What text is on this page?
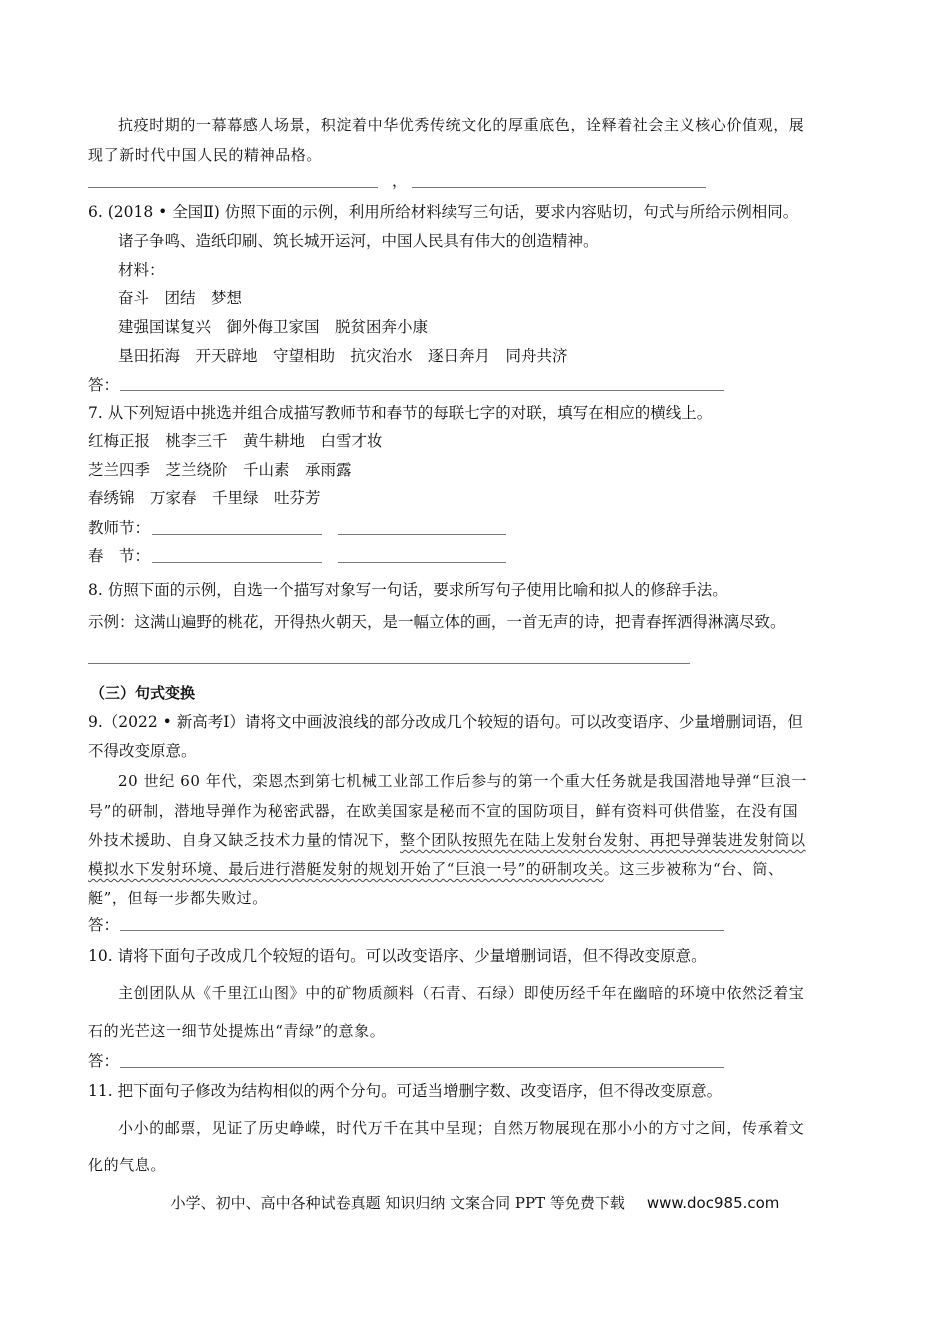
抗疫时期的一幕幕感人场景，积淀着中华优秀传统文化的厚重底色，诠释着社会主义核心价值观，展
现了新时代中国人民的精神品格。
，
6. (2018 • 全国Ⅱ) 仿照下面的示例，利用所给材料续写三句话，要求内容贴切，句式与所给示例相同。
诸子争鸣、造纸印刷、筑长城开运河，中国人民具有伟大的创造精神。
材料：
奋斗　团结　梦想
建强国谋复兴　御外侮卫家国　脱贫困奔小康
垦田拓海　开天辟地　守望相助　抗灾治水　逐日奔月　同舟共济
答：
7. 从下列短语中挑选并组合成描写教师节和春节的每联七字的对联，填写在相应的横线上。
红梅正报　桃李三千　黄牛耕地　白雪才妆
芝兰四季　芝兰绕阶　千山素　承雨露
春绣锦　万家春　千里绿　吐芬芳
教师节：
春　节：
8. 仿照下面的示例，自选一个描写对象写一句话，要求所写句子使用比喻和拟人的修辞手法。
示例：这满山遍野的桃花，开得热火朝天，是一幅立体的画，一首无声的诗，把青春挥洒得淋漓尽致。
（三）句式变换
9.（2022 • 新高考Ⅰ）请将文中画波浪线的部分改成几个较短的语句。可以改变语序、少量增删词语，但
不得改变原意。
20 世纪 60 年代，栾恩杰到第七机械工业部工作后参与的第一个重大任务就是我国潜地导弹“巨浪一
号”的研制，潜地导弹作为秘密武器，在欧美国家是秘而不宣的国防项目，鲜有资料可供借鉴，在没有国
外技术援助、自身又缺乏技术力量的情况下，整个团队按照先在陆上发射台发射、再把导弹装进发射筒以
模拟水下发射环境、最后进行潜艇发射的规划开始了“巨浪一号”的研制攻关。这三步被称为“台、筒、
艇”，但每一步都失败过。
答：
10. 请将下面句子改成几个较短的语句。可以改变语序、少量增删词语，但不得改变原意。
主创团队从《千里江山图》中的矿物质颜料（石青、石绿）即使历经千年在幽暗的环境中依然泛着宝
石的光芒这一细节处提炼出“青绿”的意象。
答：
11. 把下面句子修改为结构相似的两个分句。可适当增删字数、改变语序，但不得改变原意。
小小的邮票，见证了历史峥嵘，时代万千在其中呈现；自然万物展现在那小小的方寸之间，传承着文
化的气息。
小学、初中、高中各种试卷真题 知识归纳 文案合同 PPT 等免费下载 www.doc985.com
